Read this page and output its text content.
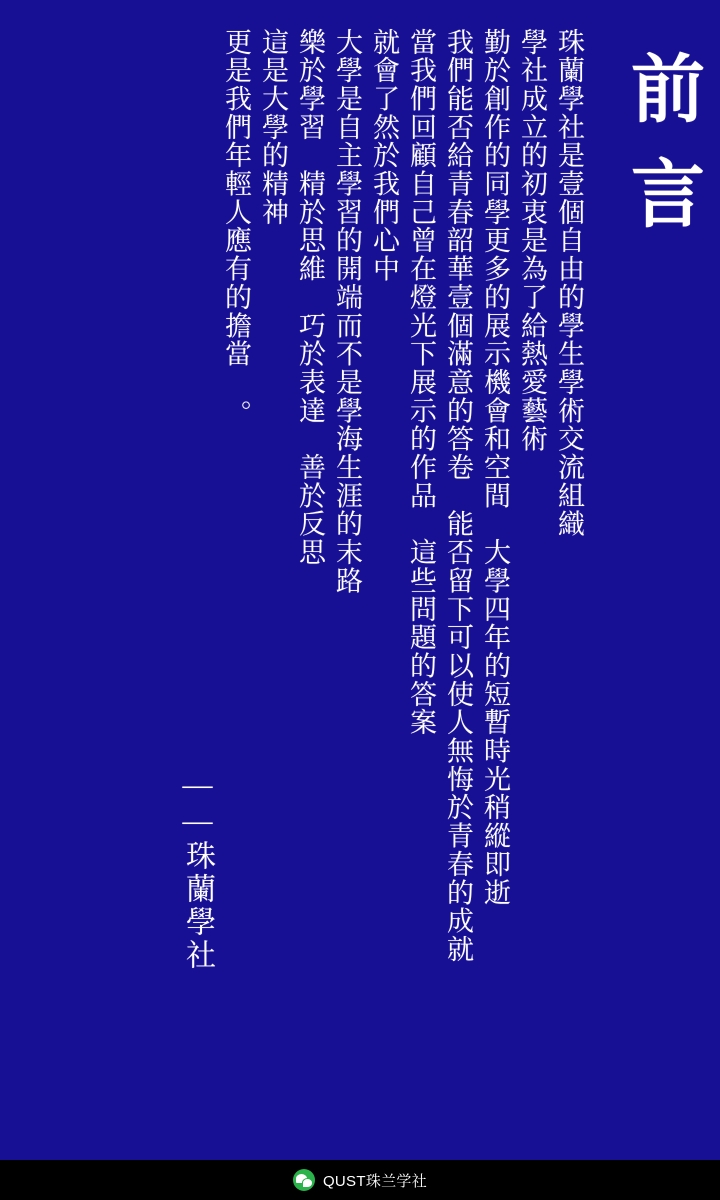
前言
珠蘭學社是壹個自由的學生學術交流組織
學社成立的初衷是為了給熱愛藝術
勤於創作的同學更多的展示機會和空間　大學四年的短暫時光稍縱即逝
我們能否給青春韶華壹個滿意的答卷　能否留下可以使人無悔於青春的成就
當我們回顧自己曾在燈光下展示的作品　這些問題的答案
就會了然於我們心中
大學是自主學習的開端而不是學海生涯的末路
樂於學習　精於思維　巧於表達　善於反思
這是大學的精神
更是我們年輕人應有的擔當 。
——珠蘭學社
QUST珠兰学社
